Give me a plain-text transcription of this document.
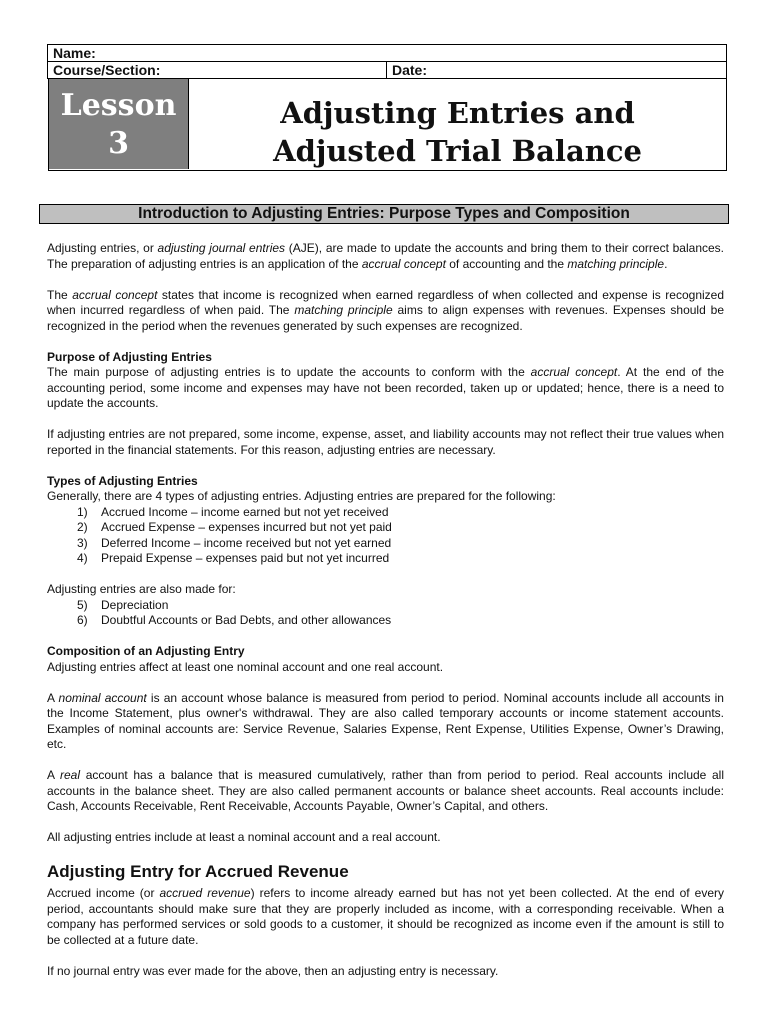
Name:
Course/Section:	Date:
Lesson
3
Adjusting Entries and
Adjusted Trial Balance
Introduction to Adjusting Entries: Purpose Types and Composition

Adjusting entries, or adjusting journal entries (AJE), are made to update the accounts and bring them to their correct balances. The preparation of adjusting entries is an application of the accrual concept of accounting and the matching principle.

The accrual concept states that income is recognized when earned regardless of when collected and expense is recognized when incurred regardless of when paid. The matching principle aims to align expenses with revenues. Expenses should be recognized in the period when the revenues generated by such expenses are recognized.

Purpose of Adjusting Entries

The main purpose of adjusting entries is to update the accounts to conform with the accrual concept. At the end of the accounting period, some income and expenses may have not been recorded, taken up or updated; hence, there is a need to update the accounts.

If adjusting entries are not prepared, some income, expense, asset, and liability accounts may not reflect their true values when reported in the financial statements. For this reason, adjusting entries are necessary.

Types of Adjusting Entries
Generally, there are 4 types of adjusting entries. Adjusting entries are prepared for the following:
1) Accrued Income – income earned but not yet received
2) Accrued Expense – expenses incurred but not yet paid
3) Deferred Income – income received but not yet earned
4) Prepaid Expense – expenses paid but not yet incurred
Adjusting entries are also made for:
5) Depreciation
6) Doubtful Accounts or Bad Debts, and other allowances
Composition of an Adjusting Entry

Adjusting entries affect at least one nominal account and one real account.

A nominal account is an account whose balance is measured from period to period. Nominal accounts include all accounts in the Income Statement, plus owner's withdrawal. They are also called temporary accounts or income statement accounts. Examples of nominal accounts are: Service Revenue, Salaries Expense, Rent Expense, Utilities Expense, Owner’s Drawing, etc.

A real account has a balance that is measured cumulatively, rather than from period to period. Real accounts include all accounts in the balance sheet. They are also called permanent accounts or balance sheet accounts. Real accounts include: Cash, Accounts Receivable, Rent Receivable, Accounts Payable, Owner’s Capital, and others.

All adjusting entries include at least a nominal account and a real account.

Adjusting Entry for Accrued Revenue

Accrued income (or accrued revenue) refers to income already earned but has not yet been collected. At the end of every period, accountants should make sure that they are properly included as income, with a corresponding receivable. When a company has performed services or sold goods to a customer, it should be recognized as income even if the amount is still to be collected at a future date.

If no journal entry was ever made for the above, then an adjusting entry is necessary.
